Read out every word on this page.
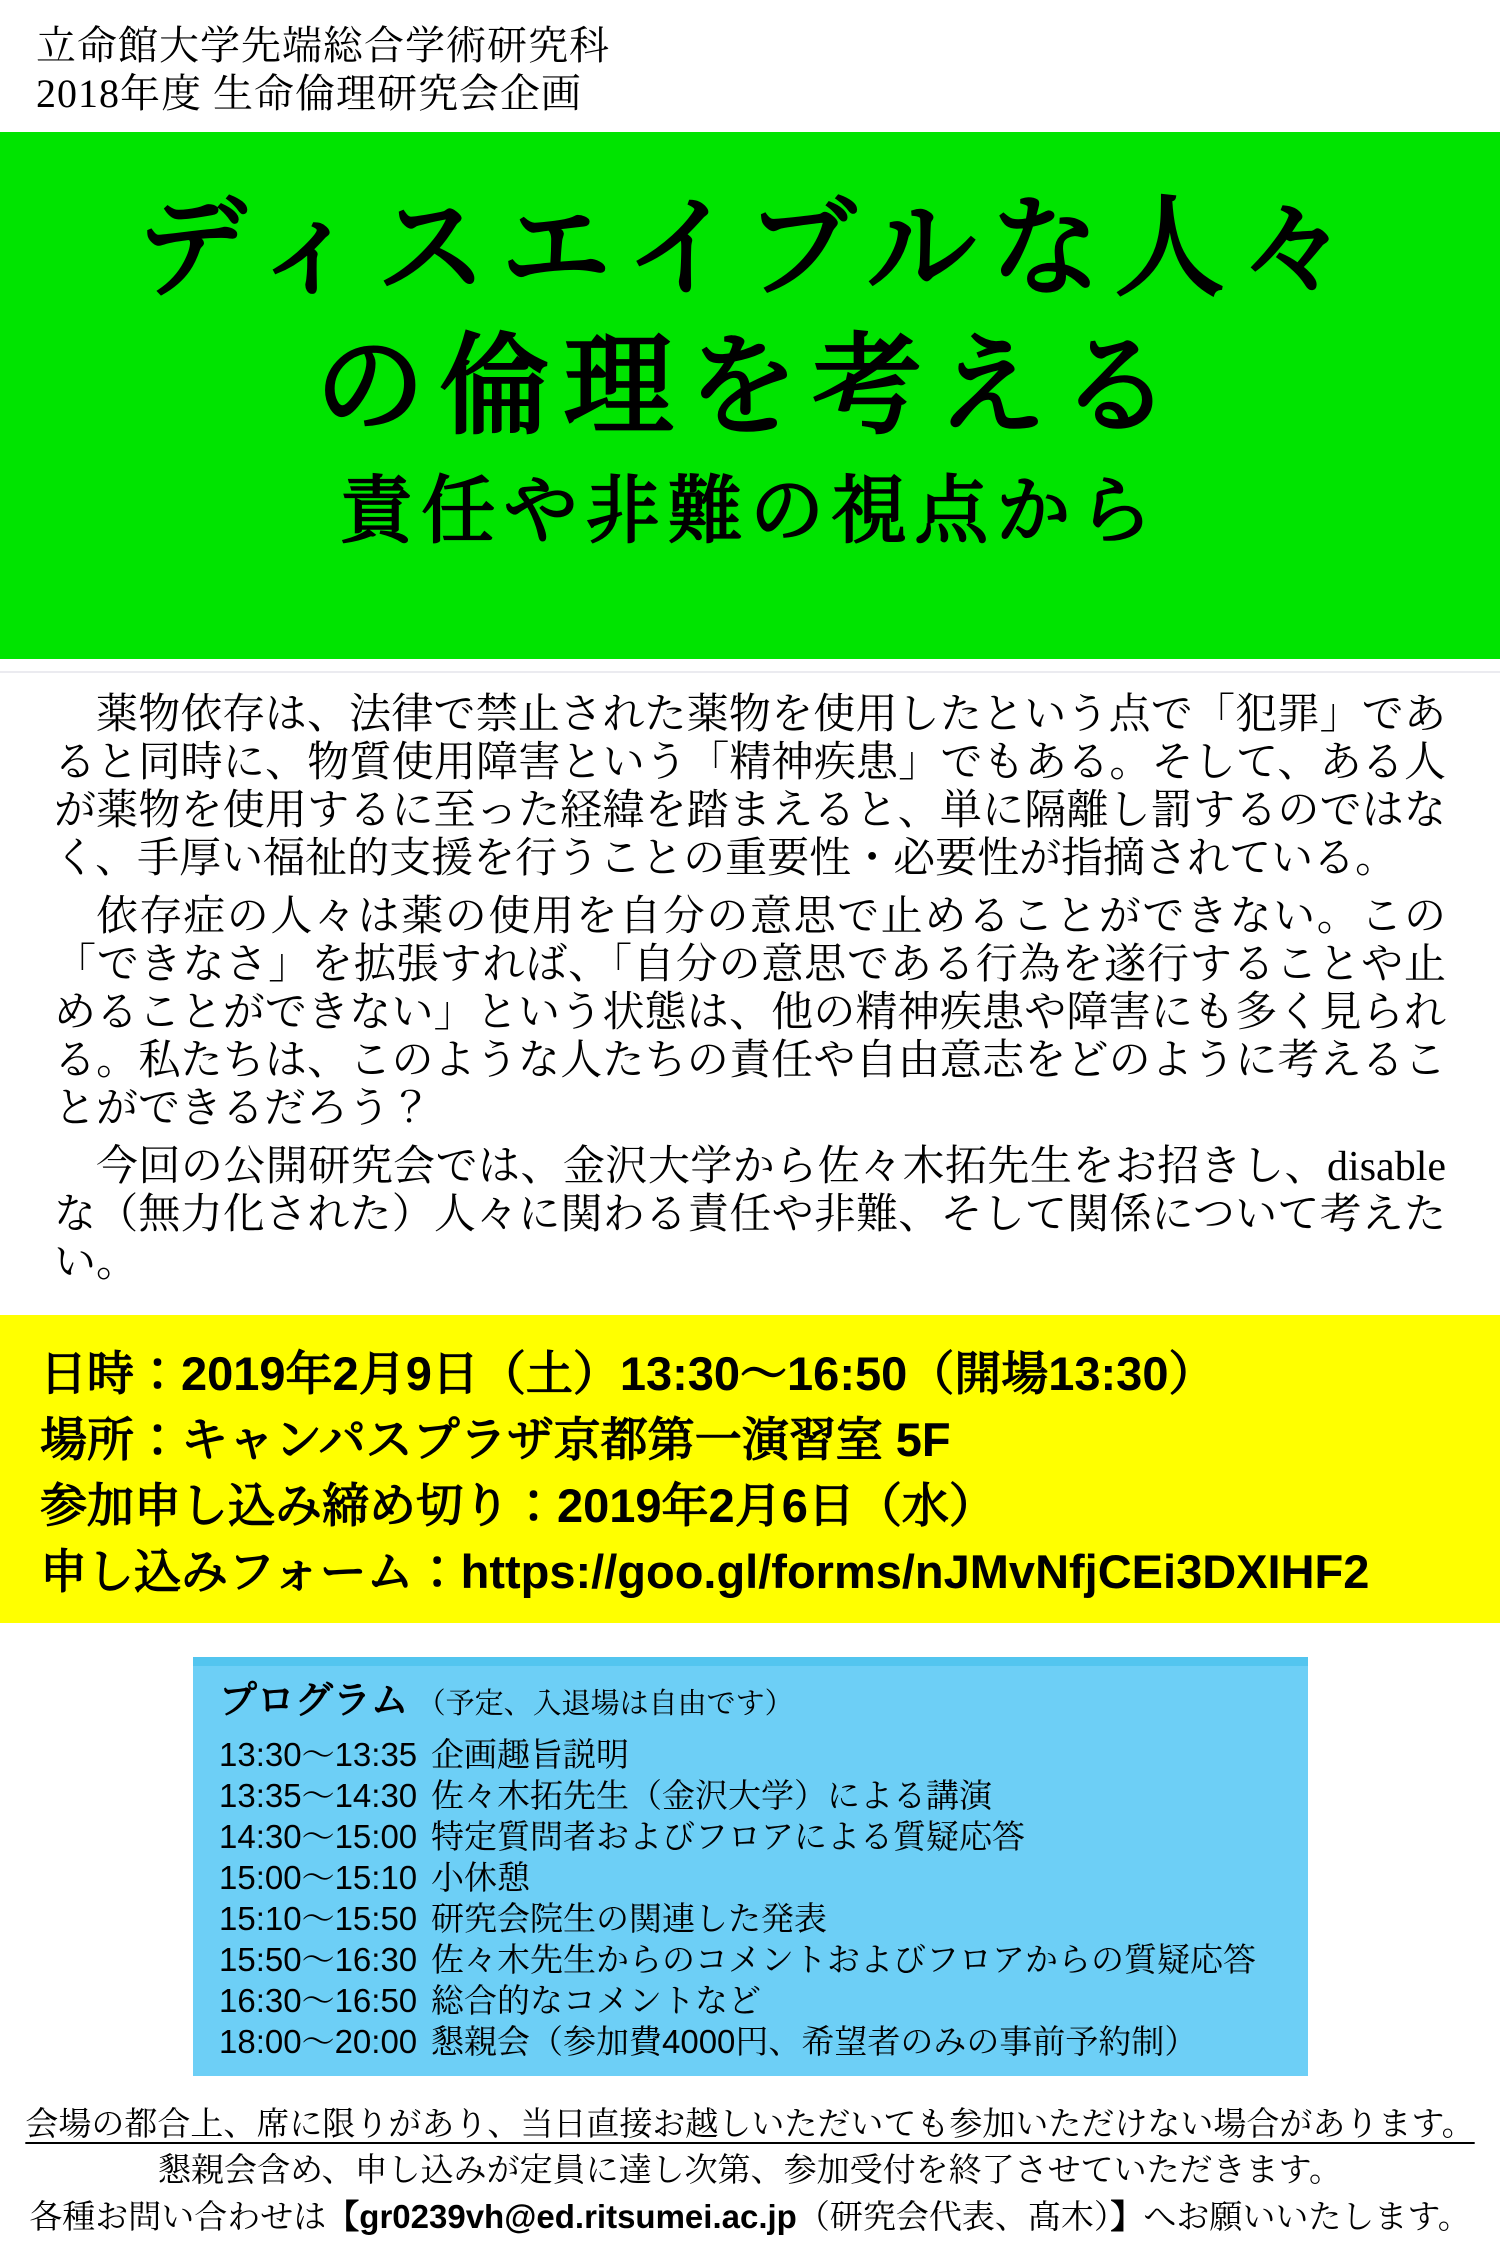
立命館大学先端総合学術研究科
2018年度 生命倫理研究会企画
ディスエイブルな人々
の倫理を考える
責任や非難の視点から

薬物依存は、法律で禁止された薬物を使用したという点で「犯罪」であると同時に、物質使用障害という「精神疾患」でもある。そして、ある人が薬物を使用するに至った経緯を踏まえると、単に隔離し罰するのではなく、手厚い福祉的支援を行うことの重要性・必要性が指摘されている。

依存症の人々は薬の使用を自分の意思で止めることができない。この「できなさ」を拡張すれば、「自分の意思である行為を遂行することや止めることができない」という状態は、他の精神疾患や障害にも多く見られる。私たちは、このような人たちの責任や自由意志をどのように考えることができるだろう？

今回の公開研究会では、金沢大学から佐々木拓先生をお招きし、disableな（無力化された）人々に関わる責任や非難、そして関係について考えたい。

日時：2019年2月9日（土）13:30～16:50（開場13:30）
場所：キャンパスプラザ京都第一演習室 5F
参加申し込み締め切り：2019年2月6日（水）
申し込みフォーム：https://goo.gl/forms/nJMvNfjCEi3DXIHF2
プログラム （予定、入退場は自由です）
13:30～13:35 企画趣旨説明
13:35～14:30 佐々木拓先生（金沢大学）による講演
14:30～15:00 特定質問者およびフロアによる質疑応答
15:00～15:10 小休憩
15:10～15:50 研究会院生の関連した発表
15:50～16:30 佐々木先生からのコメントおよびフロアからの質疑応答
16:30～16:50 総合的なコメントなど
18:00～20:00 懇親会（参加費4000円、希望者のみの事前予約制）
会場の都合上、席に限りがあり、当日直接お越しいただいても参加いただけない場合があります。
懇親会含め、申し込みが定員に達し次第、参加受付を終了させていただきます。
各種お問い合わせは【gr0239vh@ed.ritsumei.ac.jp（研究会代表、髙木）】へお願いいたします。
